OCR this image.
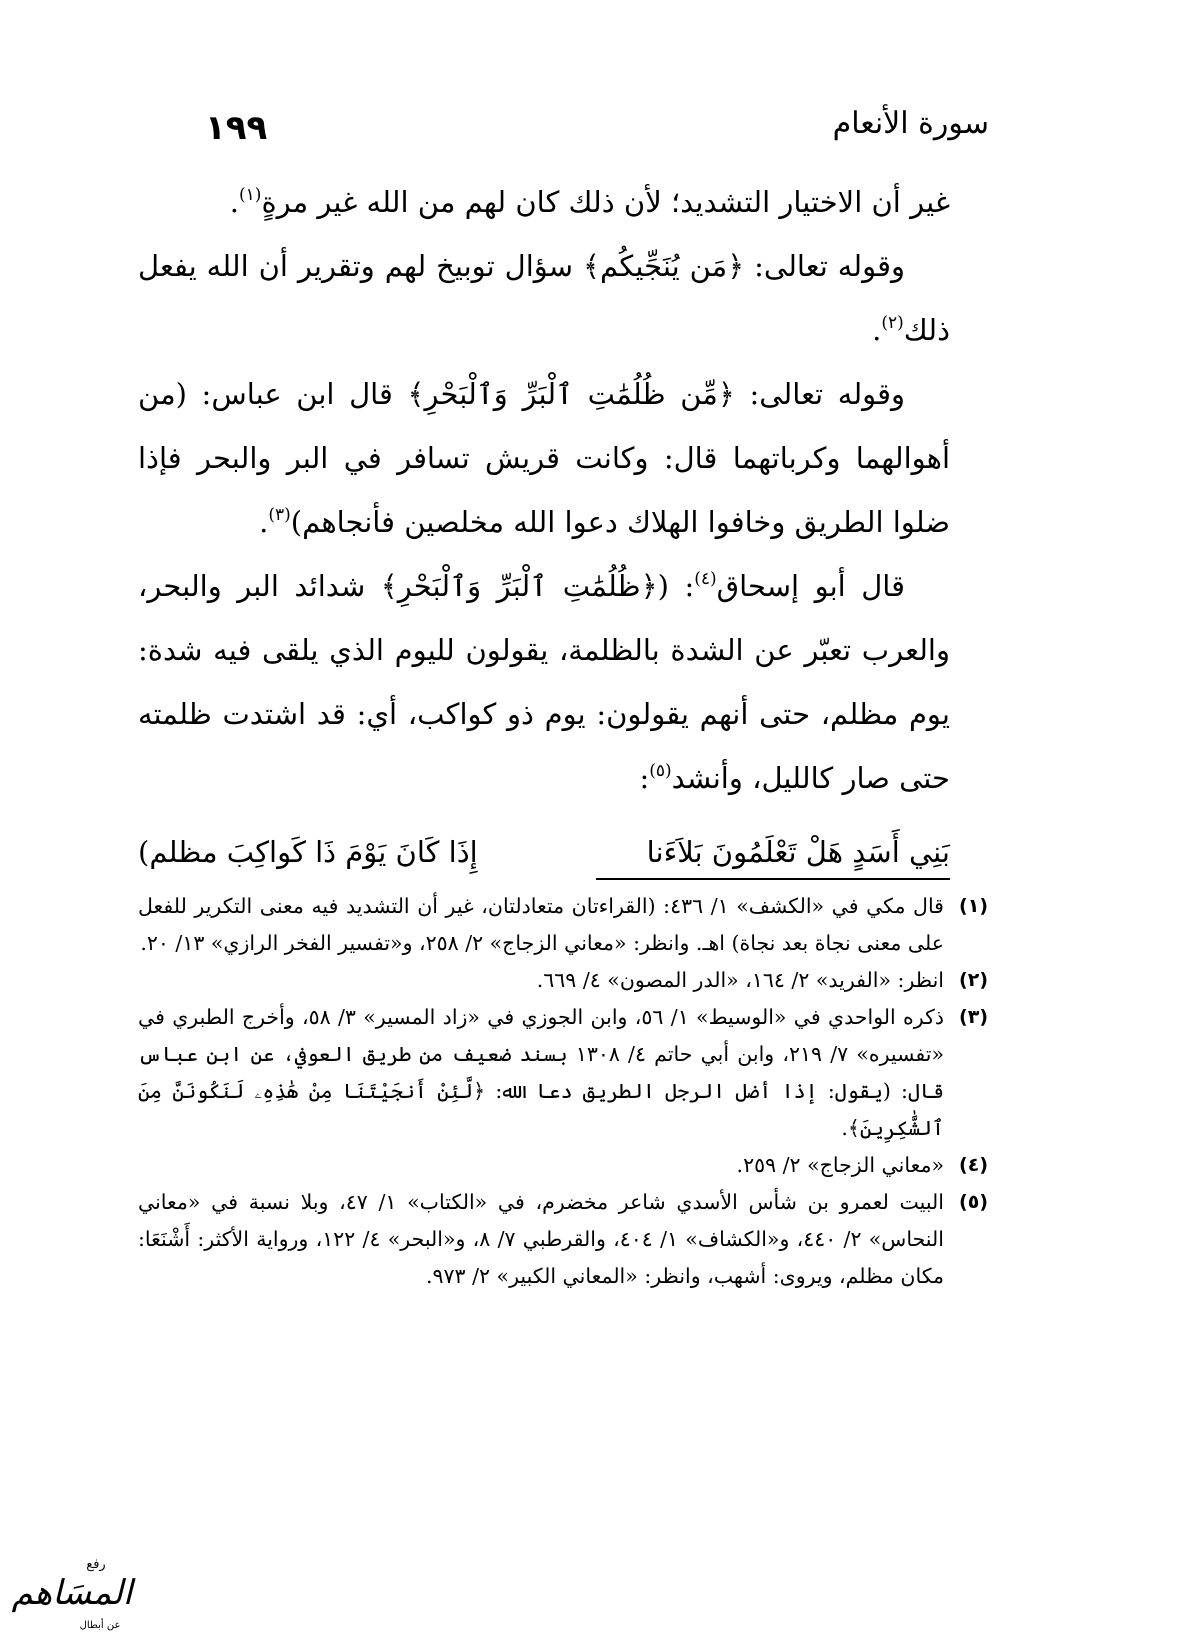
١٩٩	سورة الأنعام

غير أن الاختيار التشديد؛ لأن ذلك كان لهم من الله غير مرةٍ$^{(١)}$.

وقوله تعالى: ﴿مَن يُنَجِّيكُم﴾ سؤال توبيخ لهم وتقرير أن الله يفعل ذلك$^{(٢)}$.

وقوله تعالى: ﴿مِّن ظُلُمَٰتِ ٱلْبَرِّ وَٱلْبَحْرِ﴾ قال ابن عباس: (من أهوالهما وكرباتهما قال: وكانت قريش تسافر في البر والبحر فإذا ضلوا الطريق وخافوا الهلاك دعوا الله مخلصين فأنجاهم)$^{(٣)}$.

قال أبو إسحاق$^{(٤)}$: (﴿ظُلُمَٰتِ ٱلْبَرِّ وَٱلْبَحْرِ﴾ شدائد البر والبحر، والعرب تعبّر عن الشدة بالظلمة، يقولون لليوم الذي يلقى فيه شدة: يوم مظلم، حتى أنهم يقولون: يوم ذو كواكب، أي: قد اشتدت ظلمته حتى صار كالليل، وأنشد$^{(٥)}$:

بَنِي أَسَدٍ هَلْ تَعْلَمُونَ بَلاَءَنا
إِذَا كَانَ يَوْمَ ذَا كَواكِبَ مظلم)
(١)
قال مكي في «الكشف» ١/ ٤٣٦: (القراءتان متعادلتان، غير أن التشديد فيه معنى التكرير للفعل على معنى نجاة بعد نجاة) اهـ. وانظر: «معاني الزجاج» ٢/ ٢٥٨، و«تفسير الفخر الرازي» ١٣/ ٢٠.
(٢)
انظر: «الفريد» ٢/ ١٦٤، «الدر المصون» ٤/ ٦٦٩.
(٣)
ذكره الواحدي في «الوسيط» ١/ ٥٦، وابن الجوزي في «زاد المسير» ٣/ ٥٨، وأخرج الطبري في «تفسيره» ٧/ ٢١٩، وابن أبي حاتم ٤/ ١٣٠٨ بسند ضعيف من طريق العوفي، عن ابن عباس قال: (يقول: إذا أضل الرجل الطريق دعا الله: ﴿لَّئِنْ أَنجَيْتَنَا مِنْ هَٰذِهِۦ لَنَكُونَنَّ مِنَ ٱلشَّٰكِرِينَ﴾.
(٤)
«معاني الزجاج» ٢/ ٢٥٩.
(٥)
البيت لعمرو بن شأس الأسدي شاعر مخضرم، في «الكتاب» ١/ ٤٧، وبلا نسبة في «معاني النحاس» ٢/ ٤٤٠، و«الكشاف» ١/ ٤٠٤، والقرطبي ٧/ ٨، و«البحر» ٤/ ١٢٢، ورواية الأكثر: أَشْنَعَا: مكان مظلم، ويروى: أشهب، وانظر: «المعاني الكبير» ٢/ ٩٧٣.
المسَاهم
رفع
عن أبطال
